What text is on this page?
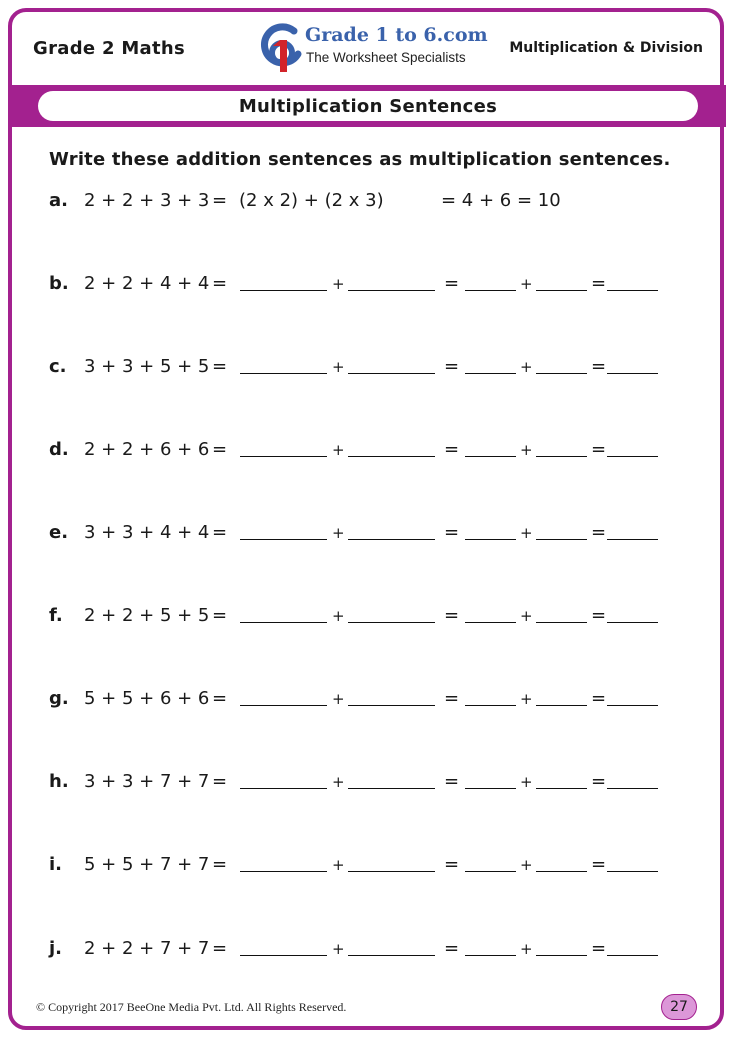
Grade 2 Maths
Grade 1 to 6.com
The Worksheet Specialists
Multiplication & Division
Multiplication Sentences
Write these addition sentences as multiplication sentences.
a. 2 + 2 + 3 + 3 = (2 x 2) + (2 x 3)	= 4 + 6 = 10
b. 2 + 2 + 4 + 4 =	+	=	+	=
c. 3 + 3 + 5 + 5 =	+	=	+	=
d. 2 + 2 + 6 + 6 =	+	=	+	=
e. 3 + 3 + 4 + 4 =	+	=	+	=
f. 2 + 2 + 5 + 5 =	+	=	+	=
g. 5 + 5 + 6 + 6 =	+	=	+	=
h. 3 + 3 + 7 + 7 =	+	=	+	=
i. 5 + 5 + 7 + 7 =	+	=	+	=
j. 2 + 2 + 7 + 7 =	+	=	+	=
© Copyright 2017 BeeOne Media Pvt. Ltd. All Rights Reserved.	27
